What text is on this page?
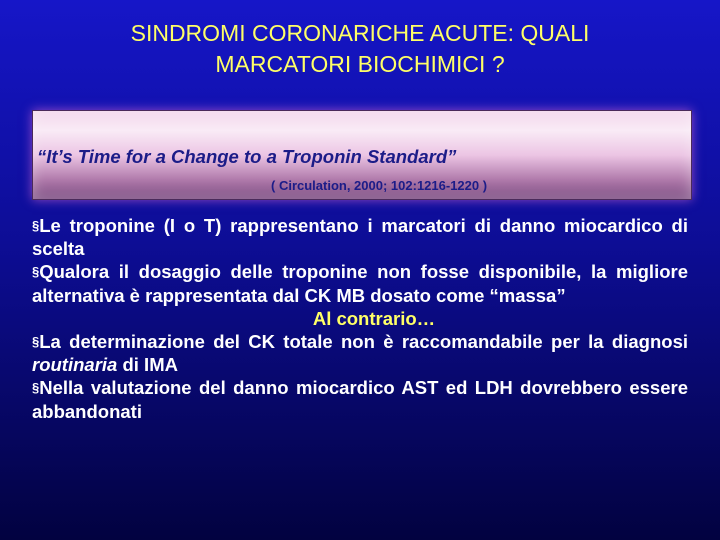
SINDROMI CORONARICHE ACUTE: QUALI
MARCATORI BIOCHIMICI ?
“It’s Time for a Change to a Troponin Standard”
( Circulation, 2000; 102:1216-1220 )

§Le troponine (I o T) rappresentano i marcatori di danno miocardico di scelta

§Qualora il dosaggio delle troponine non fosse disponibile, la migliore alternativa è rappresentata dal CK MB dosato come “massa”

Al contrario…

§La determinazione del CK totale non è raccomandabile per la diagnosi routinaria di IMA

§Nella valutazione del danno miocardico AST ed LDH dovrebbero essere abbandonati
